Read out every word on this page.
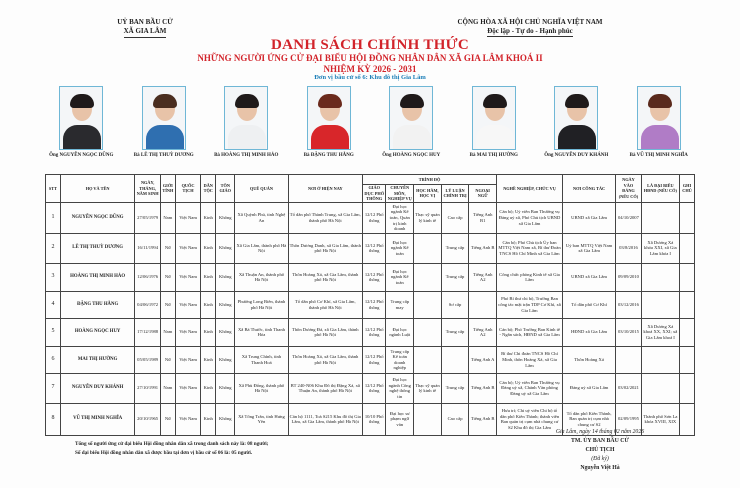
UỶ BAN BẦU CỬ
XÃ GIA LÂM
CỘNG HÒA XÃ HỘI CHỦ NGHĨA VIỆT NAM
Độc lập - Tự do - Hạnh phúc
DANH SÁCH CHÍNH THỨC
NHỮNG NGƯỜI ỨNG CỬ ĐẠI BIỂU HỘI ĐỒNG NHÂN DÂN XÃ GIA LÂM KHOÁ II
NHIỆM KỲ 2026 - 2031
Đơn vị bầu cử số 6: Khu đô thị Gia Lâm
Ông NGUYỄN NGỌC DŨNG	Bà LÊ THỊ THUỲ DƯƠNG	Bà HOÀNG THỊ MINH HẢO	Bà ĐẶNG THU HẰNG	Ông HOÀNG NGỌC HUY	Bà MAI THỊ HƯỜNG	Ông NGUYỄN DUY KHÁNH	Bà VŨ THỊ MINH NGHĨA
STT	HỌ VÀ TÊN	NGÀY, THÁNG, NĂM SINH	GIỚI TÍNH	QUỐC TỊCH	DÂN TỘC	TÔN GIÁO	QUÊ QUÁN	NƠI Ở HIỆN NAY	TRÌNH ĐỘ					NGHỀ NGHIỆP, CHỨC VỤ	NƠI CÔNG TÁC	NGÀY VÀO ĐẢNG (NẾU CÓ)	LÀ ĐẠI BIỂU HĐND (NẾU CÓ)	GHI CHÚ
									GIÁO DỤC PHỔ THÔNG	CHUYÊN MÔN, NGHIỆP VỤ	HỌC HÀM, HỌC VỊ	LÝ LUẬN CHÍNH TRỊ	NGOẠI NGỮ					
1	NGUYỄN NGỌC DŨNG	27/05/1979	Nam	Việt Nam	Kinh	Không	Xã Quỳnh Phú, tỉnh Nghệ An	Tổ dân phố Thành Trung, xã Gia Lâm, thành phố Hà Nội	12/12 Phổ thông	Đại học ngành Kế toán, Quản trị kinh doanh	Thạc sỹ quản lý kinh tế	Cao cấp	Tiếng Anh B1	Cán bộ; Uỷ viên Ban Thường vụ Đảng uỷ xã, Phó Chủ tịch UBND xã Gia Lâm	UBND xã Gia Lâm	04/10/2007		
2	LÊ THỊ THUỲ DƯƠNG	16/11/1994	Nữ	Việt Nam	Kinh	Không	Xã Gia Lâm, thành phố Hà Nội	Thôn Dương Danh, xã Gia Lâm, thành phố Hà Nội	12/12 Phổ thông	Đại học ngành Kế toán		Trung cấp	Tiếng Anh B	Cán bộ; Phó Chủ tịch Ủy ban MTTQ Việt Nam xã, Bí thư Đoàn TNCS Hồ Chí Minh xã Gia Lâm	Uỷ ban MTTQ Việt Nam xã Gia Lâm	03/8/2016	Xã Dương Xá khóa XXI, xã Gia Lâm khóa I	
3	HOÀNG THỊ MINH HẢO	12/06/1976	Nữ	Việt Nam	Kinh	Không	Xã Thuận An, thành phố Hà Nội	Thôn Hoàng Xá, xã Gia Lâm, thành phố Hà Nội	12/12 Phổ thông	Đại học ngành Kế toán		Trung cấp	Tiếng Anh A2	Công chức phòng Kinh tế xã Gia Lâm	UBND xã Gia Lâm	09/09/2010		
4	ĐẶNG THU HẰNG	04/06/1972	Nữ	Việt Nam	Kinh	Không	Phường Long Biên, thành phố Hà Nội	Tổ dân phố Cơ Khí, xã Gia Lâm, thành phố Hà Nội	12/12 Phổ thông	Trung cấp may		Sơ cấp		Phó Bí thư chi bộ, Trưởng Ban công tác mặt trận TDP Cơ Khí, xã Gia Lâm	Tổ dân phố Cơ Khí	03/12/2016		
5	HOÀNG NGỌC HUY	17/12/1988	Nam	Việt Nam	Kinh	Không	Xã Bá Thước, tỉnh Thanh Hóa	Thôn Dương Đá, xã Gia Lâm, thành phố Hà Nội	12/12 Phổ thông	Đại học ngành Luật		Trung cấp	Tiếng Anh A2	Cán bộ; Phó Trưởng Ban Kinh tế - Ngân sách, HĐND xã Gia Lâm	HĐND xã Gia Lâm	03/10/2015	Xã Dương Xá khoá XX, XXI; xã Gia Lâm khoá I	
6	MAI THỊ HƯỜNG	05/05/1989	Nữ	Việt Nam	Kinh	Không	Xã Trung Chính, tỉnh Thanh Hoá	Thôn Hoàng Xá, xã Gia Lâm, thành phố Hà Nội	12/12 Phổ thông	Trung cấp Kế toán doanh nghiệp			Tiếng Anh A	Bí thư Chi đoàn TNCS Hồ Chí Minh, thôn Hoàng Xá, xã Gia Lâm	Thôn Hoàng Xá			
7	NGUYỄN DUY KHÁNH	27/10/1991	Nam	Việt Nam	Kinh	Không	Xã Phù Đổng, thành phố Hà Nội	BT 240-N06 Khu Đô thị Đặng Xá, xã Thuận An, thành phố Hà Nội	12/12 Phổ thông	Đại học ngành Công nghệ thông tin	Thạc sỹ quản lý kinh tế	Trung cấp	Tiếng Anh B	Cán bộ; Uỷ viên Ban Thường vụ Đảng uỷ xã, Chánh Văn phòng Đảng uỷ xã Gia Lâm	Đảng uỷ xã Gia Lâm	03/02/2021		
8	VŨ THỊ MINH NGHĨA	20/10/1965	Nữ	Việt Nam	Kinh	Không	Xã Tống Trân, tỉnh Hưng Yên	Căn hộ 1111, Toà S215 Khu đô thị Gia Lâm, xã Gia Lâm, thành phố Hà Nội	10/10 Phổ thông	Đại học sư phạm ngữ văn		Cao cấp	Tiếng Anh B	Hưu trí; Chi uỷ viên Chi bộ tổ dân phố Kiên Thành; thành viên Ban quản trị cụm nhà chung cư S2 Khu đô thị Gia Lâm	Tổ dân phố Kiên Thành, Ban quản trị cụm nhà chung cư S2	02/09/1995	Thành phố Sơn La khóa XVIII, XIX	
Tổng số người ứng cử đại biểu Hội đồng nhân dân xã trong danh sách này là: 08 người;
Số đại biểu Hội đồng nhân dân xã được bầu tại đơn vị bầu cử số 06 là: 05 người.
Gia Lâm, ngày 14 tháng 02 năm 2026
TM. ỦY BAN BẦU CỬ
CHỦ TỊCH
(Đã ký)
Nguyễn Việt Hà
